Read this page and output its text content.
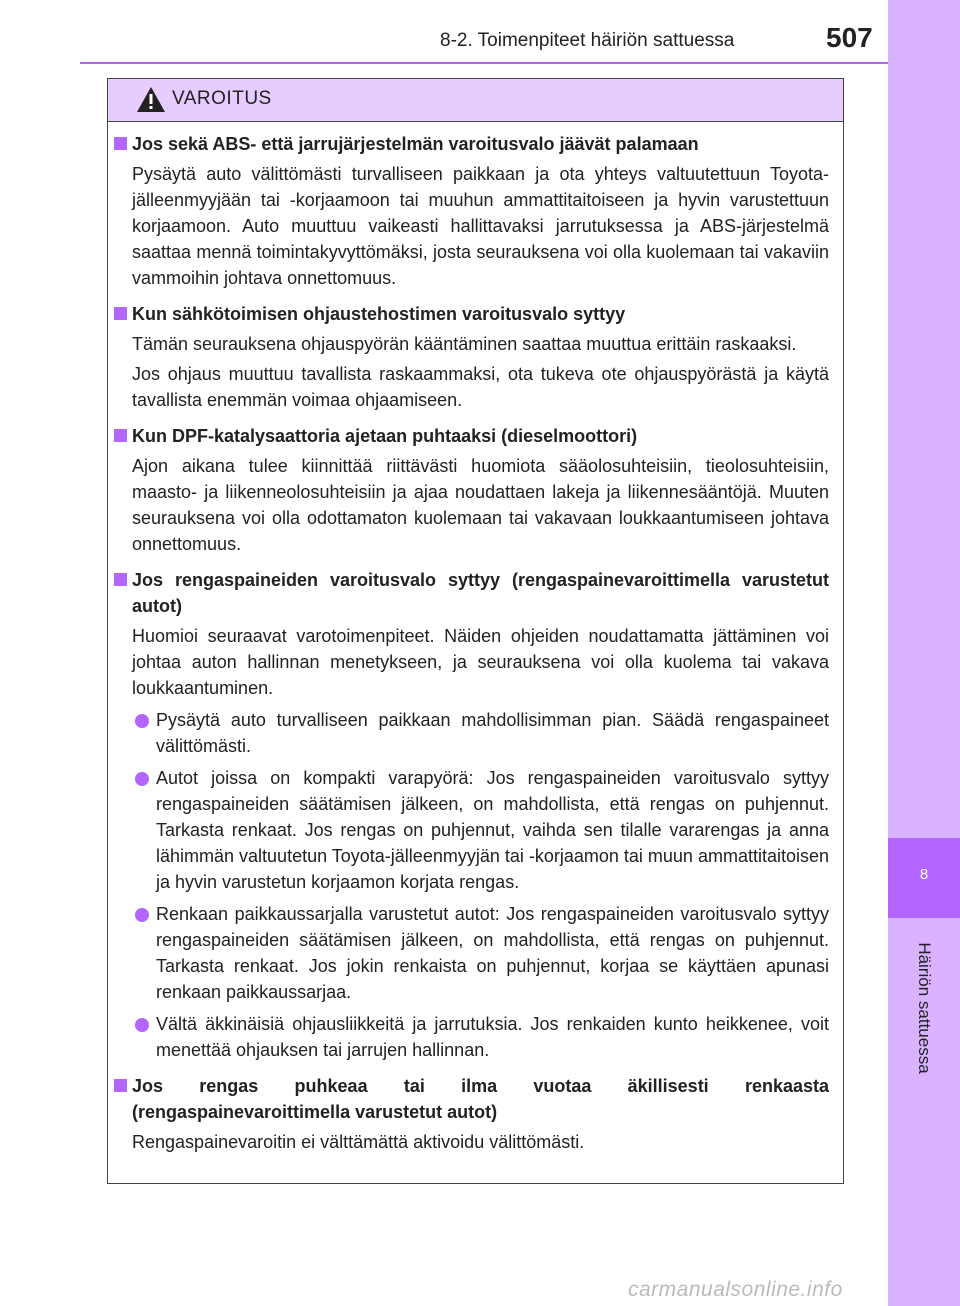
8-2. Toimenpiteet häiriön sattuessa	507
8
Häiriön sattuessa
VAROITUS
Jos sekä ABS- että jarrujärjestelmän varoitusvalo jäävät palamaan
Pysäytä auto välittömästi turvalliseen paikkaan ja ota yhteys valtuutettuun Toyota-jälleenmyyjään tai -korjaamoon tai muuhun ammattitaitoiseen ja hyvin varustettuun korjaamoon. Auto muuttuu vaikeasti hallittavaksi jarrutuksessa ja ABS-järjestelmä saattaa mennä toimintakyvyttömäksi, josta seurauksena voi olla kuolemaan tai vakaviin vammoihin johtava onnettomuus.
Kun sähkötoimisen ohjaustehostimen varoitusvalo syttyy
Tämän seurauksena ohjauspyörän kääntäminen saattaa muuttua erittäin raskaaksi.
Jos ohjaus muuttuu tavallista raskaammaksi, ota tukeva ote ohjauspyörästä ja käytä tavallista enemmän voimaa ohjaamiseen.
Kun DPF-katalysaattoria ajetaan puhtaaksi (dieselmoottori)
Ajon aikana tulee kiinnittää riittävästi huomiota sääolosuhteisiin, tieolosuhteisiin, maasto- ja liikenneolosuhteisiin ja ajaa noudattaen lakeja ja liikennesääntöjä. Muuten seurauksena voi olla odottamaton kuolemaan tai vakavaan loukkaantumiseen johtava onnettomuus.
Jos rengaspaineiden varoitusvalo syttyy (rengaspainevaroittimella varustetut autot)
Huomioi seuraavat varotoimenpiteet. Näiden ohjeiden noudattamatta jättäminen voi johtaa auton hallinnan menetykseen, ja seurauksena voi olla kuolema tai vakava loukkaantuminen.
Pysäytä auto turvalliseen paikkaan mahdollisimman pian. Säädä rengaspaineet välittömästi.
Autot joissa on kompakti varapyörä: Jos rengaspaineiden varoitusvalo syttyy rengaspaineiden säätämisen jälkeen, on mahdollista, että rengas on puhjennut. Tarkasta renkaat. Jos rengas on puhjennut, vaihda sen tilalle vararengas ja anna lähimmän valtuutetun Toyota-jälleenmyyjän tai -korjaamon tai muun ammattitaitoisen ja hyvin varustetun korjaamon korjata rengas.
Renkaan paikkaussarjalla varustetut autot: Jos rengaspaineiden varoitusvalo syttyy rengaspaineiden säätämisen jälkeen, on mahdollista, että rengas on puhjennut. Tarkasta renkaat. Jos jokin renkaista on puhjennut, korjaa se käyttäen apunasi renkaan paikkaussarjaa.
Vältä äkkinäisiä ohjausliikkeitä ja jarrutuksia. Jos renkaiden kunto heikkenee, voit menettää ohjauksen tai jarrujen hallinnan.
Jos rengas puhkeaa tai ilma vuotaa äkillisesti renkaasta (rengaspainevaroittimella varustetut autot)
Rengaspainevaroitin ei välttämättä aktivoidu välittömästi.
carmanualsonline.info
